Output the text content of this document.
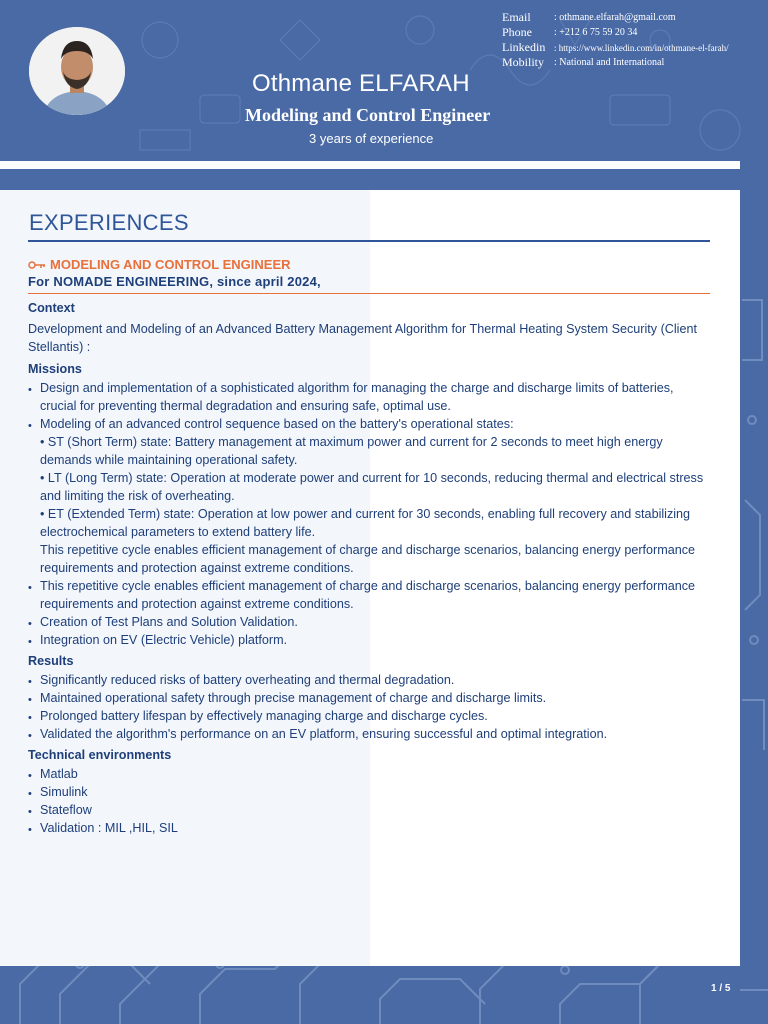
Othmane ELFARAH
Modeling and Control Engineer
3 years of experience
Email	: othmane.elfarah@gmail.com
Phone	: +212 6 75 59 20 34
Linkedin : https://www.linkedin.com/in/othmane-el-farah/
Mobility : National and International
EXPERIENCES
MODELING AND CONTROL ENGINEER
For NOMADE ENGINEERING, since april 2024,
Context
Development and Modeling of an Advanced Battery Management Algorithm for Thermal Heating System Security (Client Stellantis) :
Missions
• Design and implementation of a sophisticated algorithm for managing the charge and discharge limits of batteries, crucial for preventing thermal degradation and ensuring safe, optimal use.
• Modeling of an advanced control sequence based on the battery's operational states:
• ST (Short Term) state: Battery management at maximum power and current for 2 seconds to meet high energy demands while maintaining operational safety.
• LT (Long Term) state: Operation at moderate power and current for 10 seconds, reducing thermal and electrical stress and limiting the risk of overheating.
• ET (Extended Term) state: Operation at low power and current for 30 seconds, enabling full recovery and stabilizing electrochemical parameters to extend battery life.
This repetitive cycle enables efficient management of charge and discharge scenarios, balancing energy performance requirements and protection against extreme conditions.
• This repetitive cycle enables efficient management of charge and discharge scenarios, balancing energy performance requirements and protection against extreme conditions.
• Creation of Test Plans and Solution Validation.
• Integration on EV (Electric Vehicle) platform.
Results
• Significantly reduced risks of battery overheating and thermal degradation.
• Maintained operational safety through precise management of charge and discharge limits.
• Prolonged battery lifespan by effectively managing charge and discharge cycles.
• Validated the algorithm's performance on an EV platform, ensuring successful and optimal integration.
Technical environments
• Matlab
• Simulink
• Stateflow
• Validation : MIL ,HIL, SIL
1 / 5
